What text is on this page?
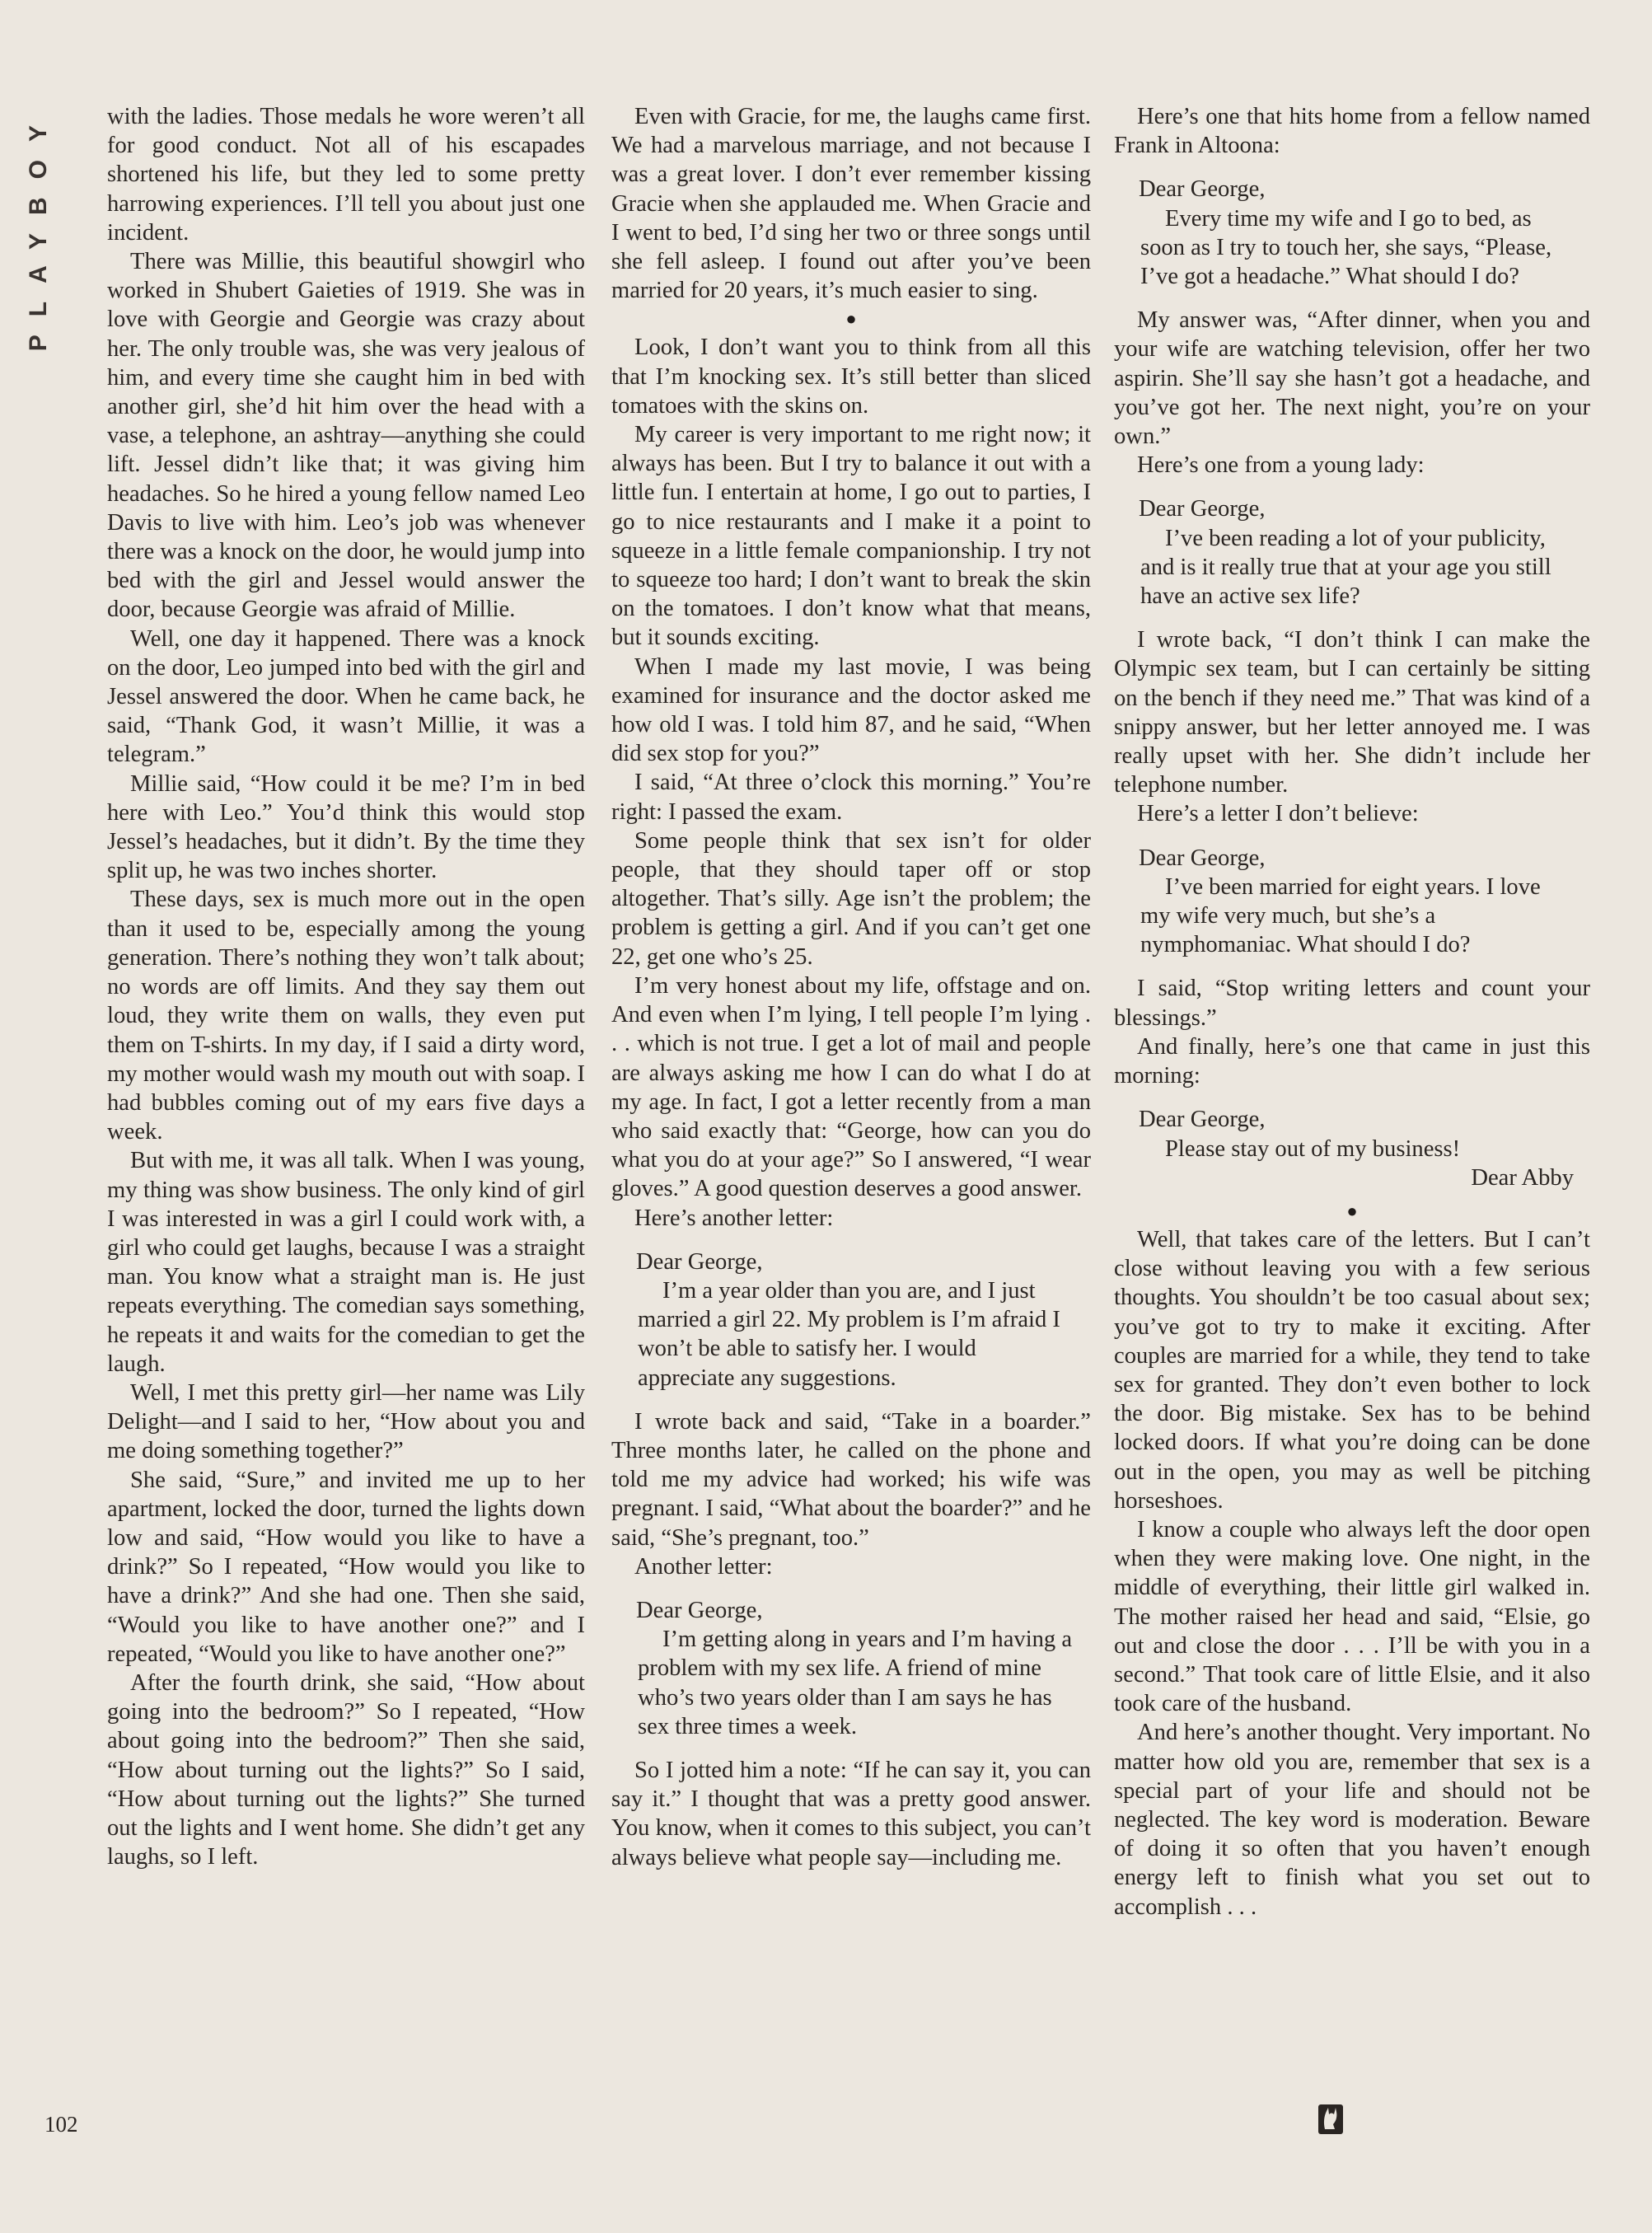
PLAYBOY with the ladies. Those medals he wore weren’t all for good conduct. Not all of his escapades shortened his life, but they led to some pretty harrowing experiences. I’ll tell you about just one incident.

There was Millie, this beautiful showgirl who worked in Shubert Gaieties of 1919. She was in love with Georgie and Georgie was crazy about her. The only trouble was, she was very jealous of him, and every time she caught him in bed with another girl, she’d hit him over the head with a vase, a telephone, an ashtray—anything she could lift. Jessel didn’t like that; it was giving him headaches. So he hired a young fellow named Leo Davis to live with him. Leo’s job was whenever there was a knock on the door, he would jump into bed with the girl and Jessel would answer the door, because Georgie was afraid of Millie.

Well, one day it happened. There was a knock on the door, Leo jumped into bed with the girl and Jessel answered the door. When he came back, he said, “Thank God, it wasn’t Millie, it was a telegram.”

Millie said, “How could it be me? I’m in bed here with Leo.” You’d think this would stop Jessel’s headaches, but it didn’t. By the time they split up, he was two inches shorter.

These days, sex is much more out in the open than it used to be, especially among the young generation. There’s nothing they won’t talk about; no words are off limits. And they say them out loud, they write them on walls, they even put them on T-shirts. In my day, if I said a dirty word, my mother would wash my mouth out with soap. I had bubbles coming out of my ears five days a week.

But with me, it was all talk. When I was young, my thing was show business. The only kind of girl I was interested in was a girl I could work with, a girl who could get laughs, because I was a straight man. You know what a straight man is. He just repeats everything. The comedian says something, he repeats it and waits for the comedian to get the laugh.

Well, I met this pretty girl—her name was Lily Delight—and I said to her, “How about you and me doing something together?”

She said, “Sure,” and invited me up to her apartment, locked the door, turned the lights down low and said, “How would you like to have a drink?” So I repeated, “How would you like to have a drink?” And she had one. Then she said, “Would you like to have another one?” and I repeated, “Would you like to have another one?”

After the fourth drink, she said, “How about going into the bedroom?” So I repeated, “How about going into the bedroom?” Then she said, “How about turning out the lights?” So I said, “How about turning out the lights?” She turned out the lights and I went home. She didn’t get any laughs, so I left.

Even with Gracie, for me, the laughs came first. We had a marvelous marriage, and not because I was a great lover. I don’t ever remember kissing Gracie when she applauded me. When Gracie and I went to bed, I’d sing her two or three songs until she fell asleep. I found out after you’ve been married for 20 years, it’s much easier to sing.

●

Look, I don’t want you to think from all this that I’m knocking sex. It’s still better than sliced tomatoes with the skins on.

My career is very important to me right now; it always has been. But I try to balance it out with a little fun. I entertain at home, I go out to parties, I go to nice restaurants and I make it a point to squeeze in a little female companionship. I try not to squeeze too hard; I don’t want to break the skin on the tomatoes. I don’t know what that means, but it sounds exciting.

When I made my last movie, I was being examined for insurance and the doctor asked me how old I was. I told him 87, and he said, “When did sex stop for you?”

I said, “At three o’clock this morning.” You’re right: I passed the exam.

Some people think that sex isn’t for older people, that they should taper off or stop altogether. That’s silly. Age isn’t the problem; the problem is getting a girl. And if you can’t get one 22, get one who’s 25.

I’m very honest about my life, offstage and on. And even when I’m lying, I tell people I’m lying . . . which is not true. I get a lot of mail and people are always asking me how I can do what I do at my age. In fact, I got a letter recently from a man who said exactly that: “George, how can you do what you do at your age?” So I answered, “I wear gloves.” A good question deserves a good answer.

Here’s another letter:

Dear George,

I’m a year older than you are, and I just married a girl 22. My problem is I’m afraid I won’t be able to satisfy her. I would appreciate any suggestions.

I wrote back and said, “Take in a boarder.” Three months later, he called on the phone and told me my advice had worked; his wife was pregnant. I said, “What about the boarder?” and he said, “She’s pregnant, too.”

Another letter:

Dear George,

I’m getting along in years and I’m having a problem with my sex life. A friend of mine who’s two years older than I am says he has sex three times a week.

So I jotted him a note: “If he can say it, you can say it.” I thought that was a pretty good answer. You know, when it comes to this subject, you can’t always believe what people say—including me.

Here’s one that hits home from a fellow named Frank in Altoona:

Dear George,

Every time my wife and I go to bed, as soon as I try to touch her, she says, “Please, I’ve got a headache.” What should I do?

My answer was, “After dinner, when you and your wife are watching television, offer her two aspirin. She’ll say she hasn’t got a headache, and you’ve got her. The next night, you’re on your own.”

Here’s one from a young lady:

Dear George,

I’ve been reading a lot of your publicity, and is it really true that at your age you still have an active sex life?

I wrote back, “I don’t think I can make the Olympic sex team, but I can certainly be sitting on the bench if they need me.” That was kind of a snippy answer, but her letter annoyed me. I was really upset with her. She didn’t include her telephone number.

Here’s a letter I don’t believe:

Dear George,

I’ve been married for eight years. I love my wife very much, but she’s a nymphomaniac. What should I do?

I said, “Stop writing letters and count your blessings.”

And finally, here’s one that came in just this morning:

Dear George,

Please stay out of my business!

Dear Abby

●

Well, that takes care of the letters. But I can’t close without leaving you with a few serious thoughts. You shouldn’t be too casual about sex; you’ve got to try to make it exciting. After couples are married for a while, they tend to take sex for granted. They don’t even bother to lock the door. Big mistake. Sex has to be behind locked doors. If what you’re doing can be done out in the open, you may as well be pitching horseshoes.

I know a couple who always left the door open when they were making love. One night, in the middle of everything, their little girl walked in. The mother raised her head and said, “Elsie, go out and close the door . . . I’ll be with you in a second.” That took care of little Elsie, and it also took care of the husband.

And here’s another thought. Very important. No matter how old you are, remember that sex is a special part of your life and should not be neglected. The key word is moderation. Beware of doing it so often that you haven’t enough energy left to finish what you set out to accomplish . . .

102
